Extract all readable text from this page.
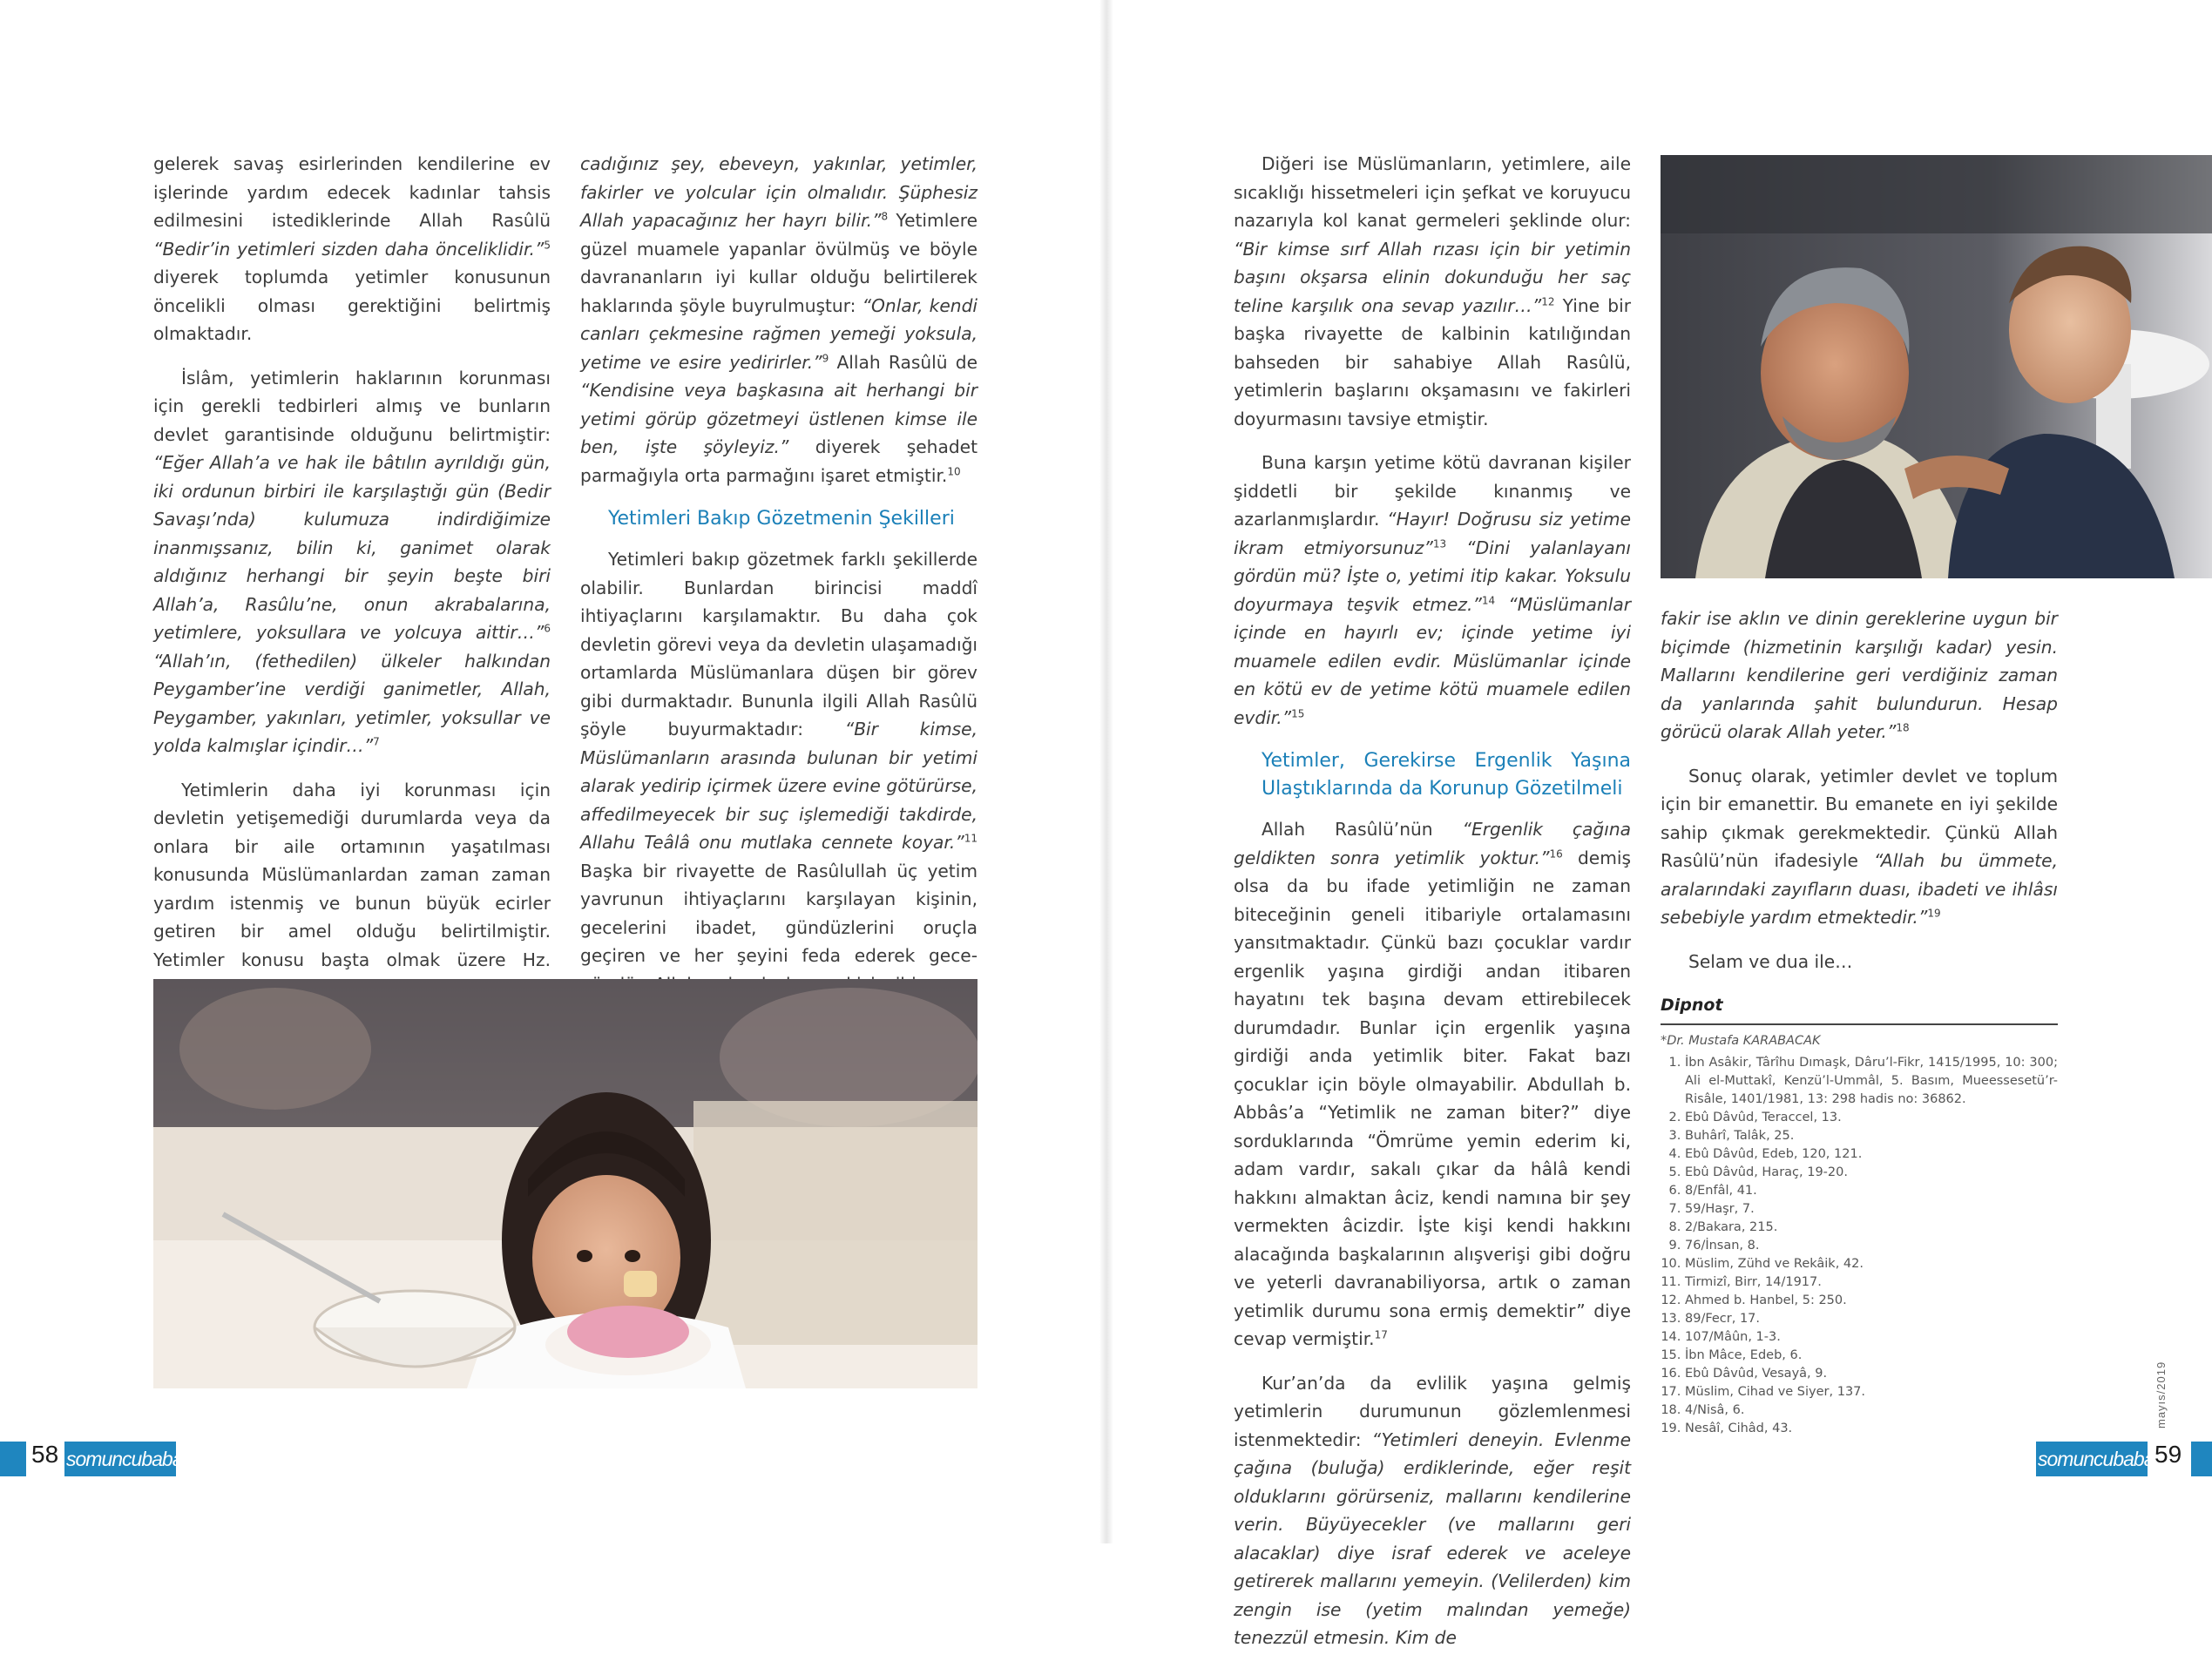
gelerek savaş esirlerinden kendilerine ev işlerinde yardım edecek kadınlar tahsis edilmesini istediklerinde Allah Rasûlü “Bedir’in yetimleri sizden daha önceliklidir.”$^5$ diyerek toplumda yetimler konusunun öncelikli olması gerektiğini belirtmiş olmaktadır.

İslâm, yetimlerin haklarının korunması için gerekli tedbirleri almış ve bunların devlet garantisinde olduğunu belirtmiştir: “Eğer Allah’a ve hak ile bâtılın ayrıldığı gün, iki ordunun birbiri ile karşılaştığı gün (Bedir Savaşı’nda) kulumuza indirdiğimize inanmışsanız, bilin ki, ganimet olarak aldığınız herhangi bir şeyin beşte biri Allah’a, Rasûlu’ne, onun akrabalarına, yetimlere, yoksullara ve yolcuya aittir…”$^6$ “Allah’ın, (fethedilen) ülkeler halkından Peygamber’ine verdiği ganimetler, Allah, Peygamber, yakınları, yetimler, yoksullar ve yolda kalmışlar içindir…”$^7$

Yetimlerin daha iyi korunması için devletin yetişemediği durumlarda veya da onlara bir aile ortamının yaşatılması konusunda Müslümanlardan zaman zaman yardım istenmiş ve bunun büyük ecirler getiren bir amel olduğu belirtilmiştir. Yetimler konusu başta olmak üzere Hz.

cadığınız şey, ebeveyn, yakınlar, yetimler, fakirler ve yolcular için olmalıdır. Şüphesiz Allah yapacağınız her hayrı bilir.”$^8$ Yetimlere güzel muamele yapanlar övülmüş ve böyle davrananların iyi kullar olduğu belirtilerek haklarında şöyle buyrulmuştur: “Onlar, kendi canları çekmesine rağmen yemeği yoksula, yetime ve esire yedirirler.”$^9$ Allah Rasûlü de “Kendisine veya başkasına ait herhangi bir yetimi görüp gözetmeyi üstlenen kimse ile ben, işte şöyleyiz.” diyerek şehadet parmağıyla orta parmağını işaret etmiştir.$^{10}$

Yetimleri Bakıp Gözetmenin Şekilleri

Yetimleri bakıp gözetmek farklı şekillerde olabilir. Bunlardan birincisi maddî ihtiyaçlarını karşılamaktır. Bu daha çok devletin görevi veya da devletin ulaşamadığı ortamlarda Müslümanlara düşen bir görev gibi durmaktadır. Bununla ilgili Allah Rasûlü şöyle buyurmaktadır: “Bir kimse, Müslümanların arasında bulunan bir yetimi alarak yedirip içirmek üzere evine götürürse, affedilmeyecek bir suç işlemediği takdirde, Allahu Teâlâ onu mutlaka cennete koyar.”$^{11}$ Başka bir rivayette de Rasûlullah üç yetim yavrunun ihtiyaçlarını karşılayan kişinin, gecelerini ibadet, gündüzlerini oruçla geçiren ve her şeyini feda ederek gece-

58 somuncubaba

Diğeri ise Müslümanların, yetimlere, aile sıcaklığı hissetmeleri için şefkat ve koruyucu nazarıyla kol kanat germeleri şeklinde olur: “Bir kimse sırf Allah rızası için bir yetimin başını okşarsa elinin dokunduğu her saç teline karşılık ona sevap yazılır…”$^{12}$ Yine bir başka rivayette de kalbinin katılığından bahseden bir sahabiye Allah Rasûlü, yetimlerin başlarını okşamasını ve fakirleri doyurmasını tavsiye etmiştir.

Buna karşın yetime kötü davranan kişiler şiddetli bir şekilde kınanmış ve azarlanmışlardır. “Hayır! Doğrusu siz yetime ikram etmiyorsunuz”$^{13}$ “Dini yalanlayanı gördün mü? İşte o, yetimi itip kakar. Yoksulu doyurmaya teşvik etmez.”$^{14}$ “Müslümanlar içinde en hayırlı ev; içinde yetime iyi muamele edilen evdir. Müslümanlar içinde en kötü ev de yetime kötü muamele edilen evdir.”$^{15}$

Yetimler, Gerekirse Ergenlik Yaşına Ulaştıklarında da Korunup Gözetilmeli

Allah Rasûlü’nün “Ergenlik çağına geldikten sonra yetimlik yoktur.”$^{16}$ demiş olsa da bu ifade yetimliğin ne zaman biteceğinin geneli itibariyle ortalamasını yansıtmaktadır. Çünkü bazı çocuklar vardır ergenlik yaşına girdiği andan itibaren hayatını tek başına devam ettirebilecek durumdadır. Bunlar için ergenlik yaşına girdiği anda yetimlik biter. Fakat bazı çocuklar için böyle olmayabilir. Abdullah b. Abbâs’a “Yetimlik ne zaman biter?” diye sorduklarında “Ömrüme yemin ederim ki, adam vardır, sakalı çıkar da hâlâ kendi hakkını almaktan âciz, kendi namına bir şey vermekten âcizdir. İşte kişi kendi hakkını alacağında başkalarının alışverişi gibi doğru ve yeterli davranabiliyorsa, artık o zaman yetimlik durumu sona ermiş demektir” diye cevap vermiştir.$^{17}$

Kur’an’da da evlilik yaşına gelmiş yetimlerin durumunun gözlemlenmesi istenmektedir: “Yetimleri deneyin. Evlenme çağına (buluğa) erdiklerinde, eğer reşit olduklarını görürseniz, mallarını kendilerine verin. Büyüyecekler (ve mallarını geri alacaklar) diye israf ederek ve aceleye getirerek mallarını yemeyin. (Velilerden) kim zengin ise (yetim malından yemeğe) tenezzül etmesin. Kim de

fakir ise aklın ve dinin gereklerine uygun bir biçimde (hizmetinin karşılığı kadar) yesin. Mallarını kendilerine geri verdiğiniz zaman da yanlarında şahit bulundurun. Hesap görücü olarak Allah yeter.”$^{18}$

Sonuç olarak, yetimler devlet ve toplum için bir emanettir. Bu emanete en iyi şekilde sahip çıkmak gerekmektedir. Çünkü Allah Rasûlü’nün ifadesiyle “Allah bu ümmete, aralarındaki zayıfların duası, ibadeti ve ihlâsı sebebiyle yardım etmektedir.”$^{19}$

Selam ve dua ile…

Dipnot
*Dr. Mustafa KARABACAK
1. İbn Asâkir, Târîhu Dımaşk, Dâru’l-Fikr, 1415/1995, 10: 300; Ali el-Muttakî, Kenzü’l-Ummâl, 5. Basım, Mueessesetü’r-Risâle, 1401/1981, 13: 298 hadis no: 36862.
2. Ebû Dâvûd, Teraccel, 13.
3. Buhârî, Talâk, 25.
4. Ebû Dâvûd, Edeb, 120, 121.
5. Ebû Dâvûd, Haraç, 19-20.
6. 8/Enfâl, 41.
7. 59/Haşr, 7.
8. 2/Bakara, 215.
9. 76/İnsan, 8.
10. Müslim, Zühd ve Rekâik, 42.
11. Tirmizî, Birr, 14/1917.
12. Ahmed b. Hanbel, 5: 250.
13. 89/Fecr, 17.
14. 107/Mâûn, 1-3.
15. İbn Mâce, Edeb, 6.
16. Ebû Dâvûd, Vesayâ, 9.
17. Müslim, Cihad ve Siyer, 137.
18. 4/Nisâ, 6.
19. Nesâî, Cihâd, 43.	mayıs/2019
somuncubaba 59
